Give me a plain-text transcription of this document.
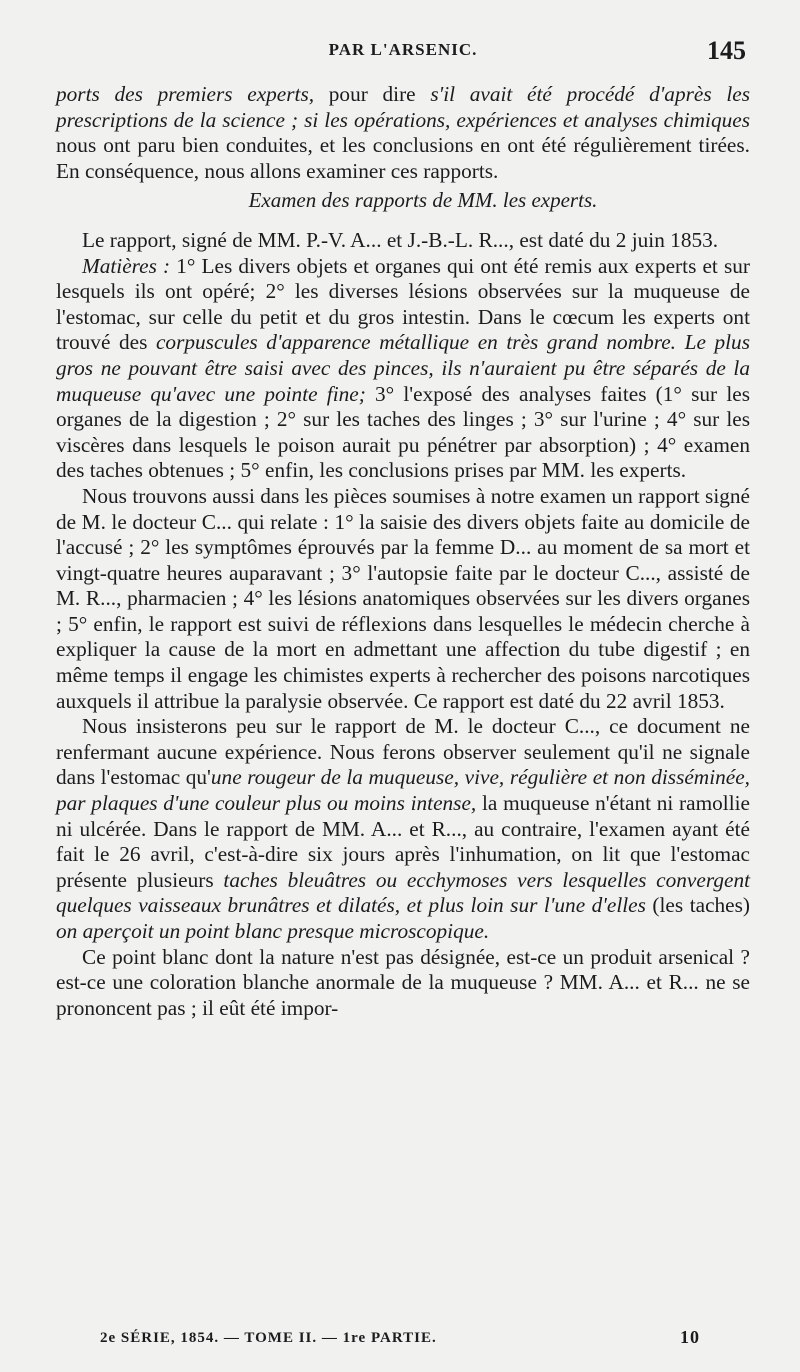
PAR L'ARSENIC.	145

ports des premiers experts, pour dire s'il avait été procédé d'après les prescriptions de la science ; si les opérations, expériences et analyses chimiques nous ont paru bien conduites, et les conclusions en ont été régulièrement tirées. En conséquence, nous allons examiner ces rapports.

Examen des rapports de MM. les experts.

Le rapport, signé de MM. P.-V. A... et J.-B.-L. R..., est daté du 2 juin 1853.

Matières : 1° Les divers objets et organes qui ont été remis aux experts et sur lesquels ils ont opéré; 2° les diverses lésions observées sur la muqueuse de l'estomac, sur celle du petit et du gros intestin. Dans le cœcum les experts ont trouvé des corpuscules d'apparence métallique en très grand nombre. Le plus gros ne pouvant être saisi avec des pinces, ils n'auraient pu être séparés de la muqueuse qu'avec une pointe fine; 3° l'exposé des analyses faites (1° sur les organes de la digestion ; 2° sur les taches des linges ; 3° sur l'urine ; 4° sur les viscères dans lesquels le poison aurait pu pénétrer par absorption) ; 4° examen des taches obtenues ; 5° enfin, les conclusions prises par MM. les experts.

Nous trouvons aussi dans les pièces soumises à notre examen un rapport signé de M. le docteur C... qui relate : 1° la saisie des divers objets faite au domicile de l'accusé ; 2° les symptômes éprouvés par la femme D... au moment de sa mort et vingt-quatre heures auparavant ; 3° l'autopsie faite par le docteur C..., assisté de M. R..., pharmacien ; 4° les lésions anatomiques observées sur les divers organes ; 5° enfin, le rapport est suivi de réflexions dans lesquelles le médecin cherche à expliquer la cause de la mort en admettant une affection du tube digestif ; en même temps il engage les chimistes experts à rechercher des poisons narcotiques auxquels il attribue la paralysie observée. Ce rapport est daté du 22 avril 1853.

Nous insisterons peu sur le rapport de M. le docteur C..., ce document ne renfermant aucune expérience. Nous ferons observer seulement qu'il ne signale dans l'estomac qu'une rougeur de la muqueuse, vive, régulière et non disséminée, par plaques d'une couleur plus ou moins intense, la muqueuse n'étant ni ramollie ni ulcérée. Dans le rapport de MM. A... et R..., au contraire, l'examen ayant été fait le 26 avril, c'est-à-dire six jours après l'inhumation, on lit que l'estomac présente plusieurs taches bleuâtres ou ecchymoses vers lesquelles convergent quelques vaisseaux brunâtres et dilatés, et plus loin sur l'une d'elles (les taches) on aperçoit un point blanc presque microscopique.

Ce point blanc dont la nature n'est pas désignée, est-ce un produit arsenical ? est-ce une coloration blanche anormale de la muqueuse ? MM. A... et R... ne se prononcent pas ; il eût été impor-

2e SÉRIE, 1854. — TOME II. — 1re PARTIE.	10
